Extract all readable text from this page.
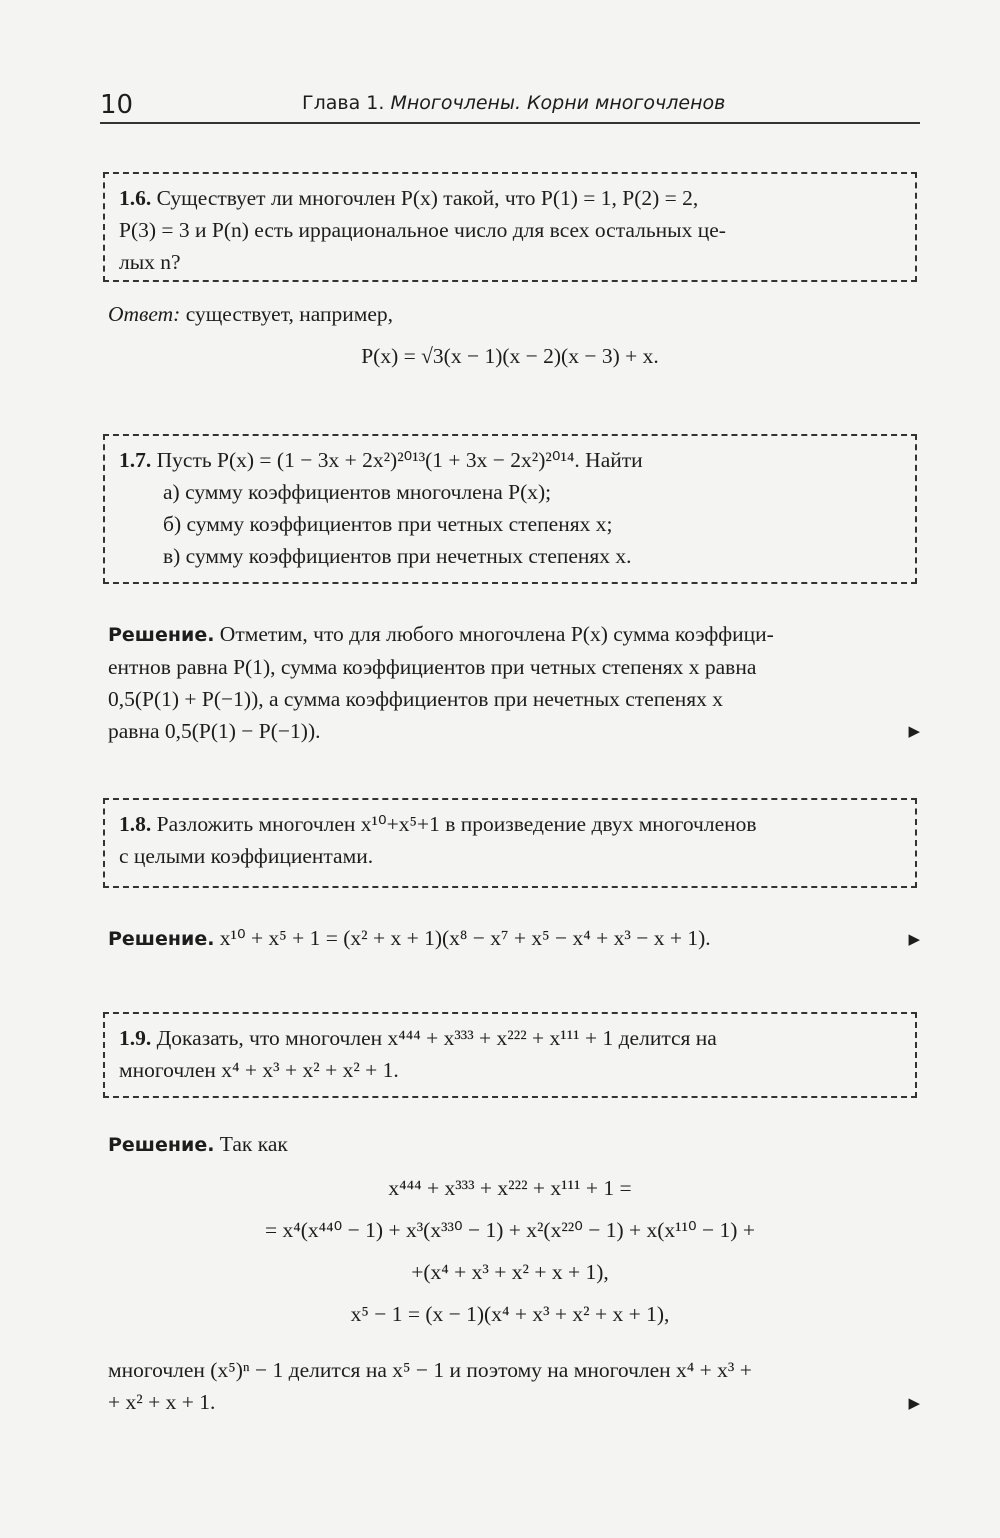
10	Глава 1. Многочлены. Корни многочленов

1.6. Существует ли многочлен P(x) такой, что P(1) = 1, P(2) = 2,

P(3) = 3 и P(n) есть иррациональное число для всех остальных це-

лых n?

Ответ: существует, например,

P(x) = √3(x − 1)(x − 2)(x − 3) + x.

1.7. Пусть P(x) = (1 − 3x + 2x²)²⁰¹³(1 + 3x − 2x²)²⁰¹⁴. Найти

а) сумму коэффициентов многочлена P(x);

б) сумму коэффициентов при четных степенях x;

в) сумму коэффициентов при нечетных степенях x.

Решение. Отметим, что для любого многочлена P(x) сумма коэффици-

ентнов равна P(1), сумма коэффициентов при четных степенях x равна

0,5(P(1) + P(−1)), а сумма коэффициентов при нечетных степенях x

равна 0,5(P(1) − P(−1)).	▶

1.8. Разложить многочлен x¹⁰+x⁵+1 в произведение двух многочленов

с целыми коэффициентами.

Решение. x¹⁰ + x⁵ + 1 = (x² + x + 1)(x⁸ − x⁷ + x⁵ − x⁴ + x³ − x + 1).	▶

1.9. Доказать, что многочлен x⁴⁴⁴ + x³³³ + x²²² + x¹¹¹ + 1 делится на

многочлен x⁴ + x³ + x² + x² + 1.

Решение. Так как

x⁴⁴⁴ + x³³³ + x²²² + x¹¹¹ + 1 =
= x⁴(x⁴⁴⁰ − 1) + x³(x³³⁰ − 1) + x²(x²²⁰ − 1) + x(x¹¹⁰ − 1) +
+(x⁴ + x³ + x² + x + 1),
x⁵ − 1 = (x − 1)(x⁴ + x³ + x² + x + 1),

многочлен (x⁵)ⁿ − 1 делится на x⁵ − 1 и поэтому на многочлен x⁴ + x³ +

+ x² + x + 1.	▶
